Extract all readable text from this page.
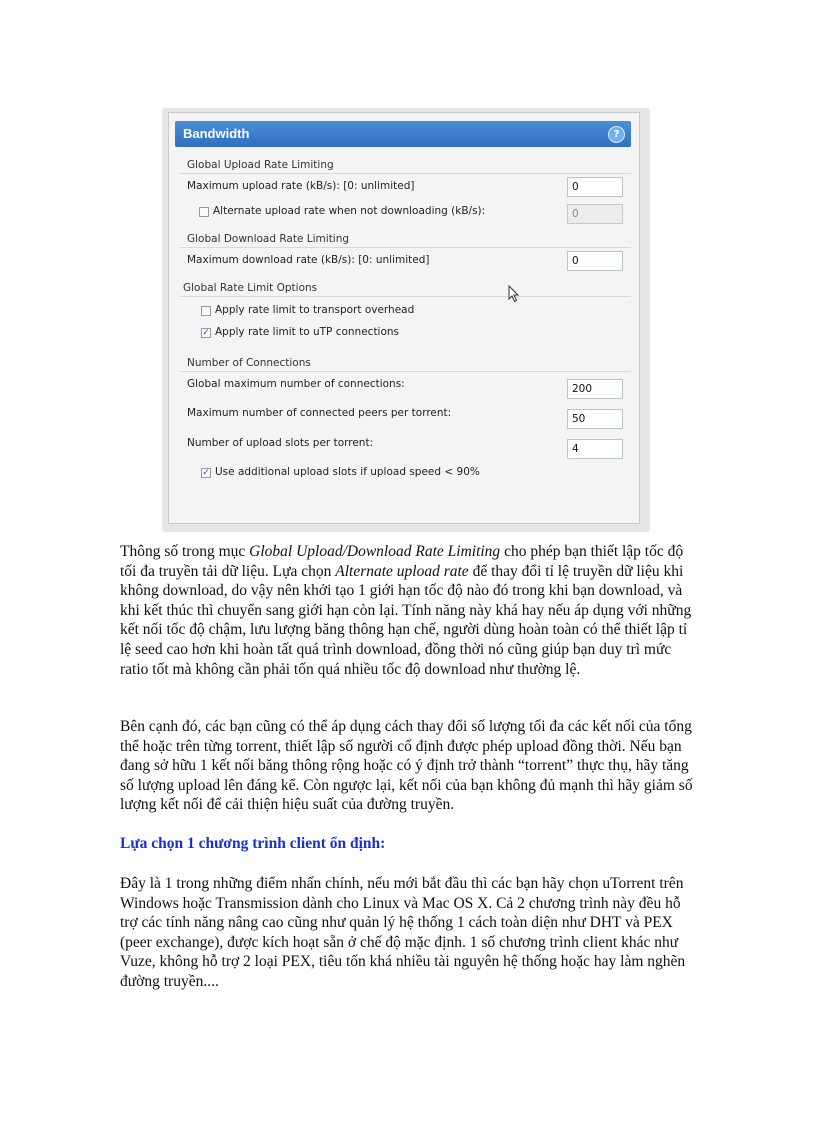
Bandwidth	?
Global Upload Rate Limiting
Maximum upload rate (kB/s): [0: unlimited]	0
Alternate upload rate when not downloading (kB/s):	0
Global Download Rate Limiting
Maximum download rate (kB/s): [0: unlimited]	0
Global Rate Limit Options
Apply rate limit to transport overhead
✓ Apply rate limit to uTP connections
Number of Connections
Global maximum number of connections:	200
Maximum number of connected peers per torrent:	50
Number of upload slots per torrent:	4
✓ Use additional upload slots if upload speed < 90%

Thông số trong mục Global Upload/Download Rate Limiting cho phép bạn thiết lập tốc độ tối đa truyền tải dữ liệu. Lựa chọn Alternate upload rate để thay đổi tỉ lệ truyền dữ liệu khi không download, do vậy nên khởi tạo 1 giới hạn tốc độ nào đó trong khi bạn download, và khi kết thúc thì chuyển sang giới hạn còn lại. Tính năng này khá hay nếu áp dụng với những kết nối tốc độ chậm, lưu lượng băng thông hạn chế, người dùng hoàn toàn có thể thiết lập tỉ lệ seed cao hơn khi hoàn tất quá trình download, đồng thời nó cũng giúp bạn duy trì mức ratio tốt mà không cần phải tốn quá nhiều tốc độ download như thường lệ.

Bên cạnh đó, các bạn cũng có thể áp dụng cách thay đổi số lượng tối đa các kết nối của tổng thể hoặc trên từng torrent, thiết lập số người cố định được phép upload đồng thời. Nếu bạn đang sở hữu 1 kết nối băng thông rộng hoặc có ý định trở thành “torrent” thực thụ, hãy tăng số lượng upload lên đáng kể. Còn ngược lại, kết nối của bạn không đủ mạnh thì hãy giảm số lượng kết nối để cải thiện hiệu suất của đường truyền.

Lựa chọn 1 chương trình client ổn định:

Đây là 1 trong những điểm nhấn chính, nếu mới bắt đầu thì các bạn hãy chọn uTorrent trên Windows hoặc Transmission dành cho Linux và Mac OS X. Cả 2 chương trình này đều hỗ trợ các tính năng nâng cao cũng như quản lý hệ thống 1 cách toàn diện như DHT và PEX (peer exchange), được kích hoạt sẵn ở chế độ mặc định. 1 số chương trình client khác như Vuze, không hỗ trợ 2 loại PEX, tiêu tốn khá nhiều tài nguyên hệ thống hoặc hay làm nghẽn đường truyền....
